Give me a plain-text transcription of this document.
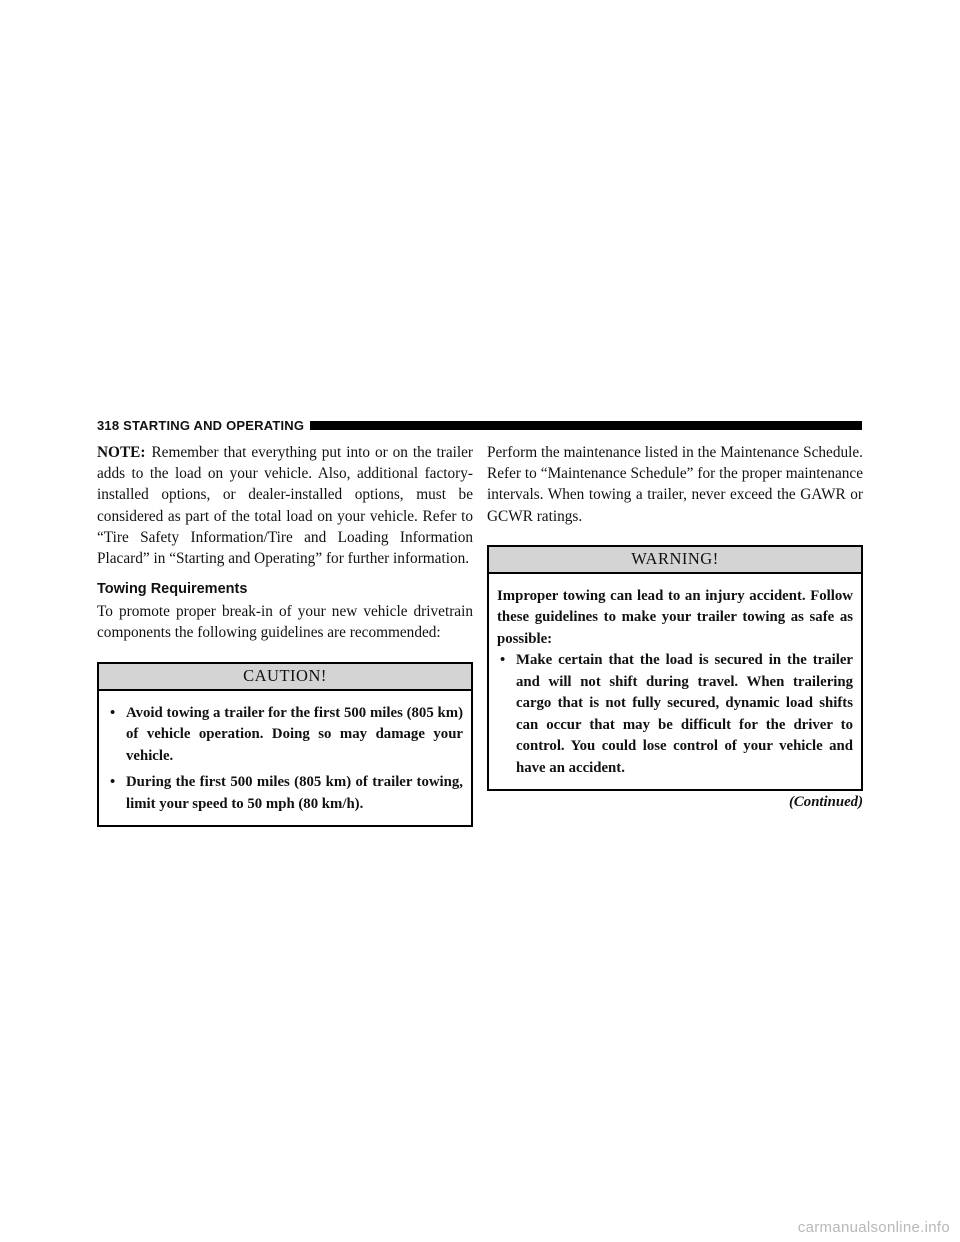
318 STARTING AND OPERATING

NOTE: Remember that everything put into or on the trailer adds to the load on your vehicle. Also, additional factory-installed options, or dealer-installed options, must be considered as part of the total load on your vehicle. Refer to “Tire Safety Information/Tire and Loading Information Placard” in “Starting and Operating” for further information.

Towing Requirements

To promote proper break-in of your new vehicle drivetrain components the following guidelines are recommended:

CAUTION!
• Avoid towing a trailer for the first 500 miles (805 km) of vehicle operation. Doing so may damage your vehicle.
• During the first 500 miles (805 km) of trailer towing, limit your speed to 50 mph (80 km/h).

Perform the maintenance listed in the Maintenance Schedule. Refer to “Maintenance Schedule” for the proper maintenance intervals. When towing a trailer, never exceed the GAWR or GCWR ratings.

WARNING!

Improper towing can lead to an injury accident. Follow these guidelines to make your trailer towing as safe as possible:

• Make certain that the load is secured in the trailer and will not shift during travel. When trailering cargo that is not fully secured, dynamic load shifts can occur that may be difficult for the driver to control. You could lose control of your vehicle and have an accident.
(Continued)
carmanualsonline.info
